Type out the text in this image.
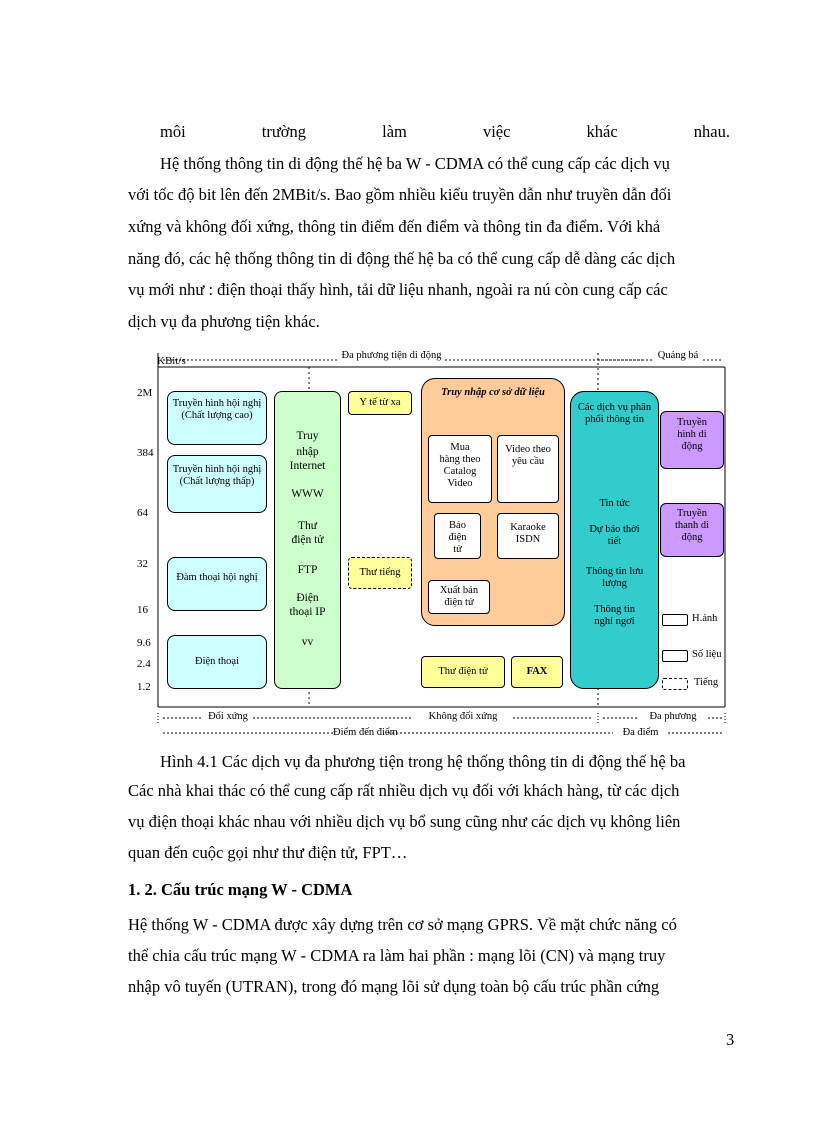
môi	trường	làm	việc	khác	nhau.
Hệ thống thông tin di động thế hệ ba W - CDMA có thể cung cấp các dịch vụ
với tốc độ bit lên đến 2MBit/s. Bao gồm nhiều kiểu truyền dẫn như truyền dẫn đối
xứng và không đối xứng, thông tin điểm đến điểm và thông tin đa điểm. Với khả
năng đó, các hệ thống thông tin di động thế hệ ba có thể cung cấp dễ dàng các dịch
vụ mới như : điện thoại thấy hình, tải dữ liệu nhanh, ngoài ra nú còn cung cấp các
dịch vụ đa phương tiện khác.
KBit/s	Đa phương tiện di động	Quảng bá
2M
384
64
32
16
9.6
2.4
1.2
Truyền hình hội nghị (Chất lượng cao)
Truyền hình hội nghị (Chất lượng thấp)
Đàm thoại hội nghị
Điện thoại
Truy
nhập
Internet
WWW
Thư
điện tử
FTP
Điện
thoại IP
vv
Y tế từ xa
Thư tiếng
Truy nhập cơ sở dữ liệu
Mua hàng theo Catalog Video
Video theo yêu cầu
Báo điện tử
Karaoke ISDN
Xuất bản điện tử
Thư điện tử	FAX
Các dịch vụ phân phối thông tin
Tin tức
Dự báo thời tiết
Thông tin lưu lượng
Thông tin nghỉ ngơi
Truyền hình di động
Truyền thanh di động
H.ảnh
Số liệu
Tiếng
Đối xứng	Không đối xứng	Đa phương
Điểm đến điểm	Đa điểm
Hình 4.1 Các dịch vụ đa phương tiện trong hệ thống thông tin di động thế hệ ba
Các nhà khai thác có thể cung cấp rất nhiều dịch vụ đối với khách hàng, từ các dịch
vụ điện thoại khác nhau với nhiều dịch vụ bổ sung cũng như các dịch vụ không liên
quan đến cuộc gọi như thư điện tử, FPT…
1. 2. Cấu trúc mạng W - CDMA
Hệ thống W - CDMA được xây dựng trên cơ sở mạng GPRS. Về mặt chức năng có
thể chia cấu trúc mạng W - CDMA ra làm hai phần : mạng lõi (CN) và mạng truy
nhập vô tuyến (UTRAN), trong đó mạng lõi sử dụng toàn bộ cấu trúc phần cứng
3
